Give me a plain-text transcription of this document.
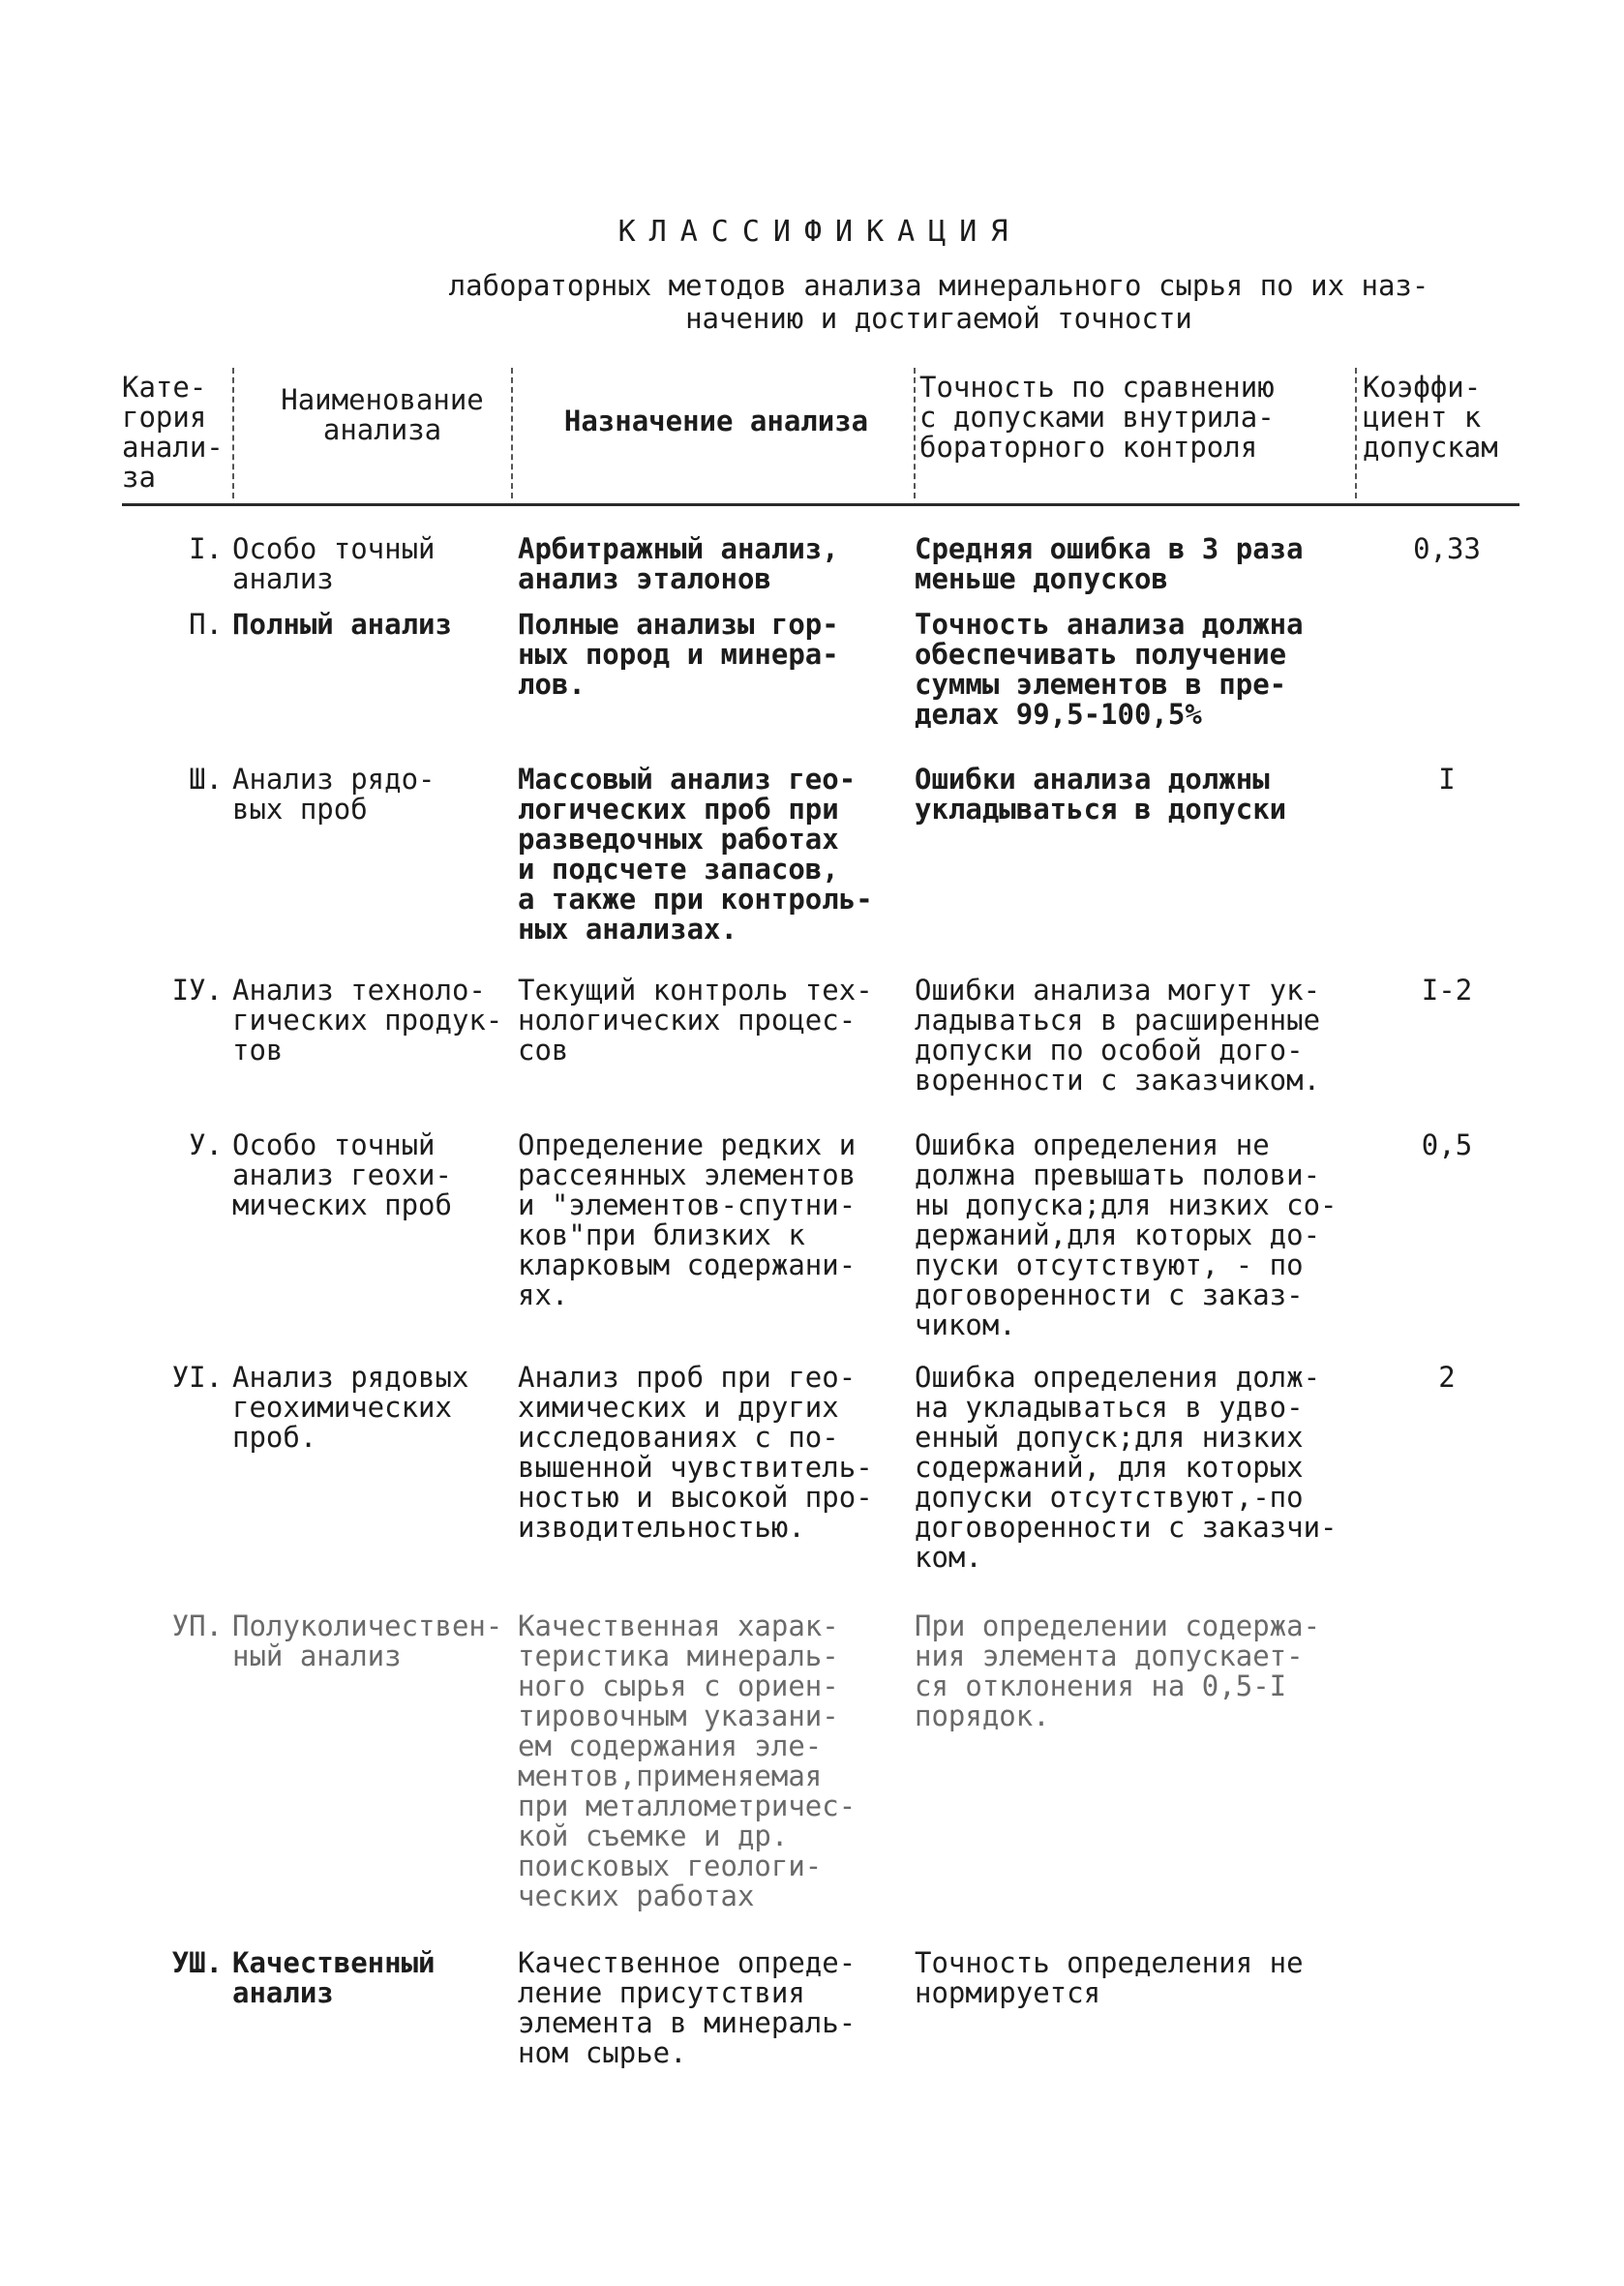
КЛАССИФИКАЦИЯ
лабораторных методов анализа минерального сырья по их наз-
начению и достигаемой точности
Кате-
гория
анали-
за
Наименование
анализа	Назначение анализа
Точность по сравнению
с допусками внутрила-
бораторного контроля
Коэффи-
циент к
допускам
I. Особо точный
анализ
Арбитражный анализ,
анализ эталонов
Средняя ошибка в 3 раза
меньше допусков
0,33
П. Полный анализ	Полные анализы гор-
ных пород и минера-
лов.
Точность анализа должна
обеспечивать получение
суммы элементов в пре-
делах 99,5-100,5%
Ш. Анализ рядо-
вых проб
Массовый анализ гео-
логических проб при
разведочных работах
и подсчете запасов,
а также при контроль-
ных анализах.
Ошибки анализа должны
укладываться в допуски
I
IУ. Анализ техноло-
гических продук-
тов
Текущий контроль тех-
нологических процес-
сов
Ошибки анализа могут ук-
ладываться в расширенные
допуски по особой дого-
воренности с заказчиком.
I-2
У. Особо точный
анализ геохи-
мических проб
Определение редких и
рассеянных элементов
и "элементов-спутни-
ков"при близких к
кларковым содержани-
ях.
Ошибка определения не
должна превышать полови-
ны допуска;для низких со-
держаний,для которых до-
пуски отсутствуют, - по
договоренности с заказ-
чиком.
0,5
УI. Анализ рядовых
геохимических
проб.
Анализ проб при гео-
химических и других
исследованиях с по-
вышенной чувствитель-
ностью и высокой про-
изводительностью.
Ошибка определения долж-
на укладываться в удво-
енный допуск;для низких
содержаний, для которых
допуски отсутствуют,-по
договоренности с заказчи-
ком.
2
УП. Полуколичествен-
ный анализ
Качественная харак-
теристика минераль-
ного сырья с ориен-
тировочным указани-
ем содержания эле-
ментов,применяемая
при металлометричес-
кой съемке и др.
поисковых геологи-
ческих работах
При определении содержа-
ния элемента допускает-
ся отклонения на 0,5-I
порядок.
УШ. Качественный
анализ
Качественное опреде-
ление присутствия
элемента в минераль-
ном сырье.
Точность определения не
нормируется
